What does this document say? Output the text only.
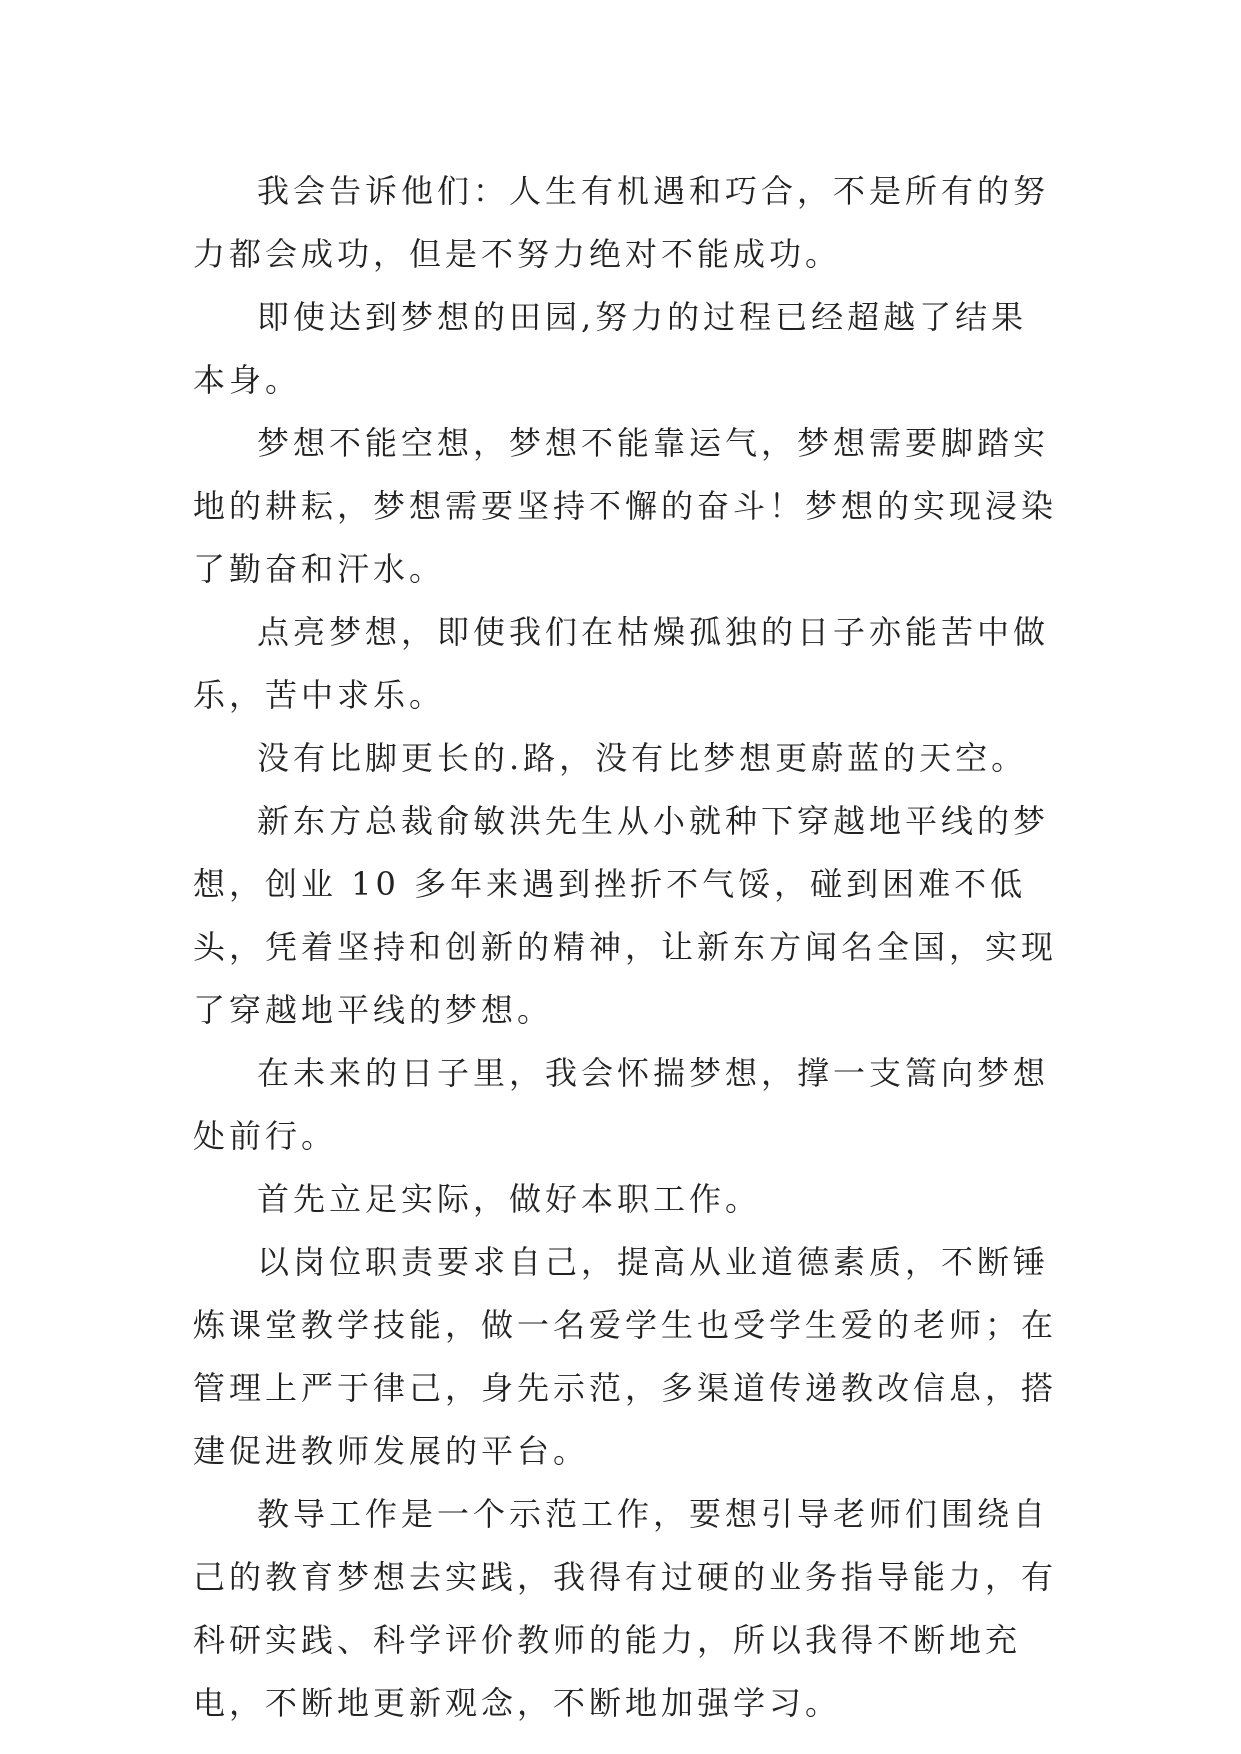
我会告诉他们：人生有机遇和巧合，不是所有的努力都会成功，但是不努力绝对不能成功。

即使达到梦想的田园,努力的过程已经超越了结果本身。

梦想不能空想，梦想不能靠运气，梦想需要脚踏实地的耕耘，梦想需要坚持不懈的奋斗！梦想的实现浸染了勤奋和汗水。

点亮梦想，即使我们在枯燥孤独的日子亦能苦中做乐，苦中求乐。

没有比脚更长的.路，没有比梦想更蔚蓝的天空。

新东方总裁俞敏洪先生从小就种下穿越地平线的梦想，创业 10 多年来遇到挫折不气馁，碰到困难不低头，凭着坚持和创新的精神，让新东方闻名全国，实现了穿越地平线的梦想。

在未来的日子里，我会怀揣梦想，撑一支篙向梦想处前行。

首先立足实际，做好本职工作。

以岗位职责要求自己，提高从业道德素质，不断锤炼课堂教学技能，做一名爱学生也受学生爱的老师；在管理上严于律己，身先示范，多渠道传递教改信息，搭建促进教师发展的平台。

教导工作是一个示范工作，要想引导老师们围绕自己的教育梦想去实践，我得有过硬的业务指导能力，有科研实践、科学评价教师的能力，所以我得不断地充电，不断地更新观念，不断地加强学习。
